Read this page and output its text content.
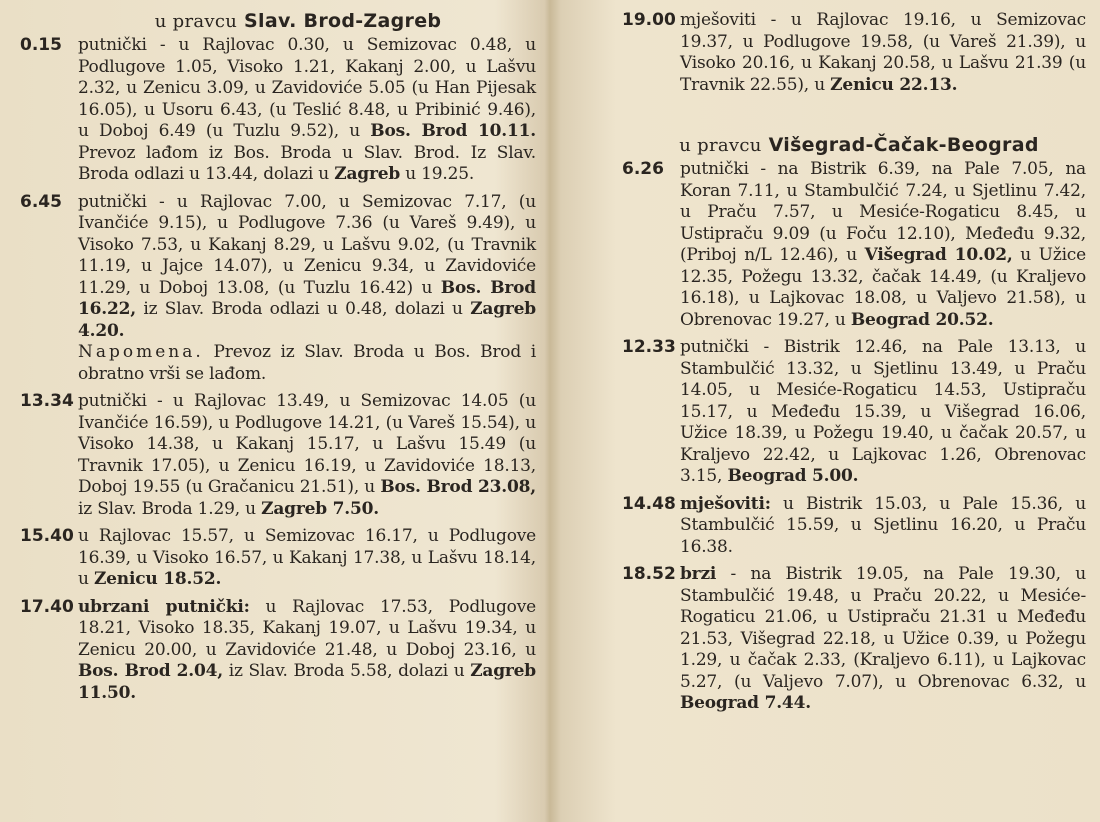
u pravcu Slav. Brod-Zagreb
0.15 putnički - u Rajlovac 0.30, u Semizovac 0.48, u Podlugove 1.05, Visoko 1.21, Kakanj 2.00, u Lašvu 2.32, u Zenicu 3.09, u Zavidoviće 5.05 (u Han Pijesak 16.05), u Usoru 6.43, (u Teslić 8.48, u Pribinić 9.46), u Doboj 6.49 (u Tuzlu 9.52), u Bos. Brod 10.11. Prevoz lađom iz Bos. Broda u Slav. Brod. Iz Slav. Broda odlazi u 13.44, dolazi u Zagreb u 19.25.
6.45 putnički - u Rajlovac 7.00, u Semizovac 7.17, (u Ivančiće 9.15), u Podlugove 7.36 (u Vareš 9.49), u Visoko 7.53, u Kakanj 8.29, u Lašvu 9.02, (u Travnik 11.19, u Jajce 14.07), u Zenicu 9.34, u Zavidoviće 11.29, u Doboj 13.08, (u Tuzlu 16.42) u Bos. Brod 16.22, iz Slav. Broda odlazi u 0.48, dolazi u Zagreb 4.20.
Napomena. Prevoz iz Slav. Broda u Bos. Brod i obratno vrši se lađom.
13.34 putnički - u Rajlovac 13.49, u Semizovac 14.05 (u Ivančiće 16.59), u Podlugove 14.21, (u Vareš 15.54), u Visoko 14.38, u Kakanj 15.17, u Lašvu 15.49 (u Travnik 17.05), u Zenicu 16.19, u Zavidoviće 18.13, Doboj 19.55 (u Gračanicu 21.51), u Bos. Brod 23.08, iz Slav. Broda 1.29, u Zagreb 7.50.
15.40 u Rajlovac 15.57, u Semizovac 16.17, u Podlugove 16.39, u Visoko 16.57, u Kakanj 17.38, u Lašvu 18.14, u Zenicu 18.52.
17.40 ubrzani putnički: u Rajlovac 17.53, Podlugove 18.21, Visoko 18.35, Kakanj 19.07, u Lašvu 19.34, u Zenicu 20.00, u Zavidoviće 21.48, u Doboj 23.16, u Bos. Brod 2.04, iz Slav. Broda 5.58, dolazi u Zagreb 11.50.
19.00 mješoviti - u Rajlovac 19.16, u Semizovac 19.37, u Podlugove 19.58, (u Vareš 21.39), u Visoko 20.16, u Kakanj 20.58, u Lašvu 21.39 (u Travnik 22.55), u Zenicu 22.13.
u pravcu Višegrad-Čačak-Beograd
6.26 putnički - na Bistrik 6.39, na Pale 7.05, na Koran 7.11, u Stambulčić 7.24, u Sjetlinu 7.42, u Praču 7.57, u Mesiće-Rogaticu 8.45, u Ustipraču 9.09 (u Foču 12.10), Međeđu 9.32, (Priboj n/L 12.46), u Višegrad 10.02, u Užice 12.35, Požegu 13.32, čačak 14.49, (u Kraljevo 16.18), u Lajkovac 18.08, u Valjevo 21.58), u Obrenovac 19.27, u Beograd 20.52.
12.33 putnički - Bistrik 12.46, na Pale 13.13, u Stambulčić 13.32, u Sjetlinu 13.49, u Praču 14.05, u Mesiće-Rogaticu 14.53, Ustipraču 15.17, u Međeđu 15.39, u Višegrad 16.06, Užice 18.39, u Požegu 19.40, u čačak 20.57, u Kraljevo 22.42, u Lajkovac 1.26, Obrenovac 3.15, Beograd 5.00.
14.48 mješoviti: u Bistrik 15.03, u Pale 15.36, u Stambulčić 15.59, u Sjetlinu 16.20, u Praču 16.38.
18.52 brzi - na Bistrik 19.05, na Pale 19.30, u Stambulčić 19.48, u Praču 20.22, u Mesiće-Rogaticu 21.06, u Ustipraču 21.31 u Međeđu 21.53, Višegrad 22.18, u Užice 0.39, u Požegu 1.29, u čačak 2.33, (Kraljevo 6.11), u Lajkovac 5.27, (u Valjevo 7.07), u Obrenovac 6.32, u Beograd 7.44.
